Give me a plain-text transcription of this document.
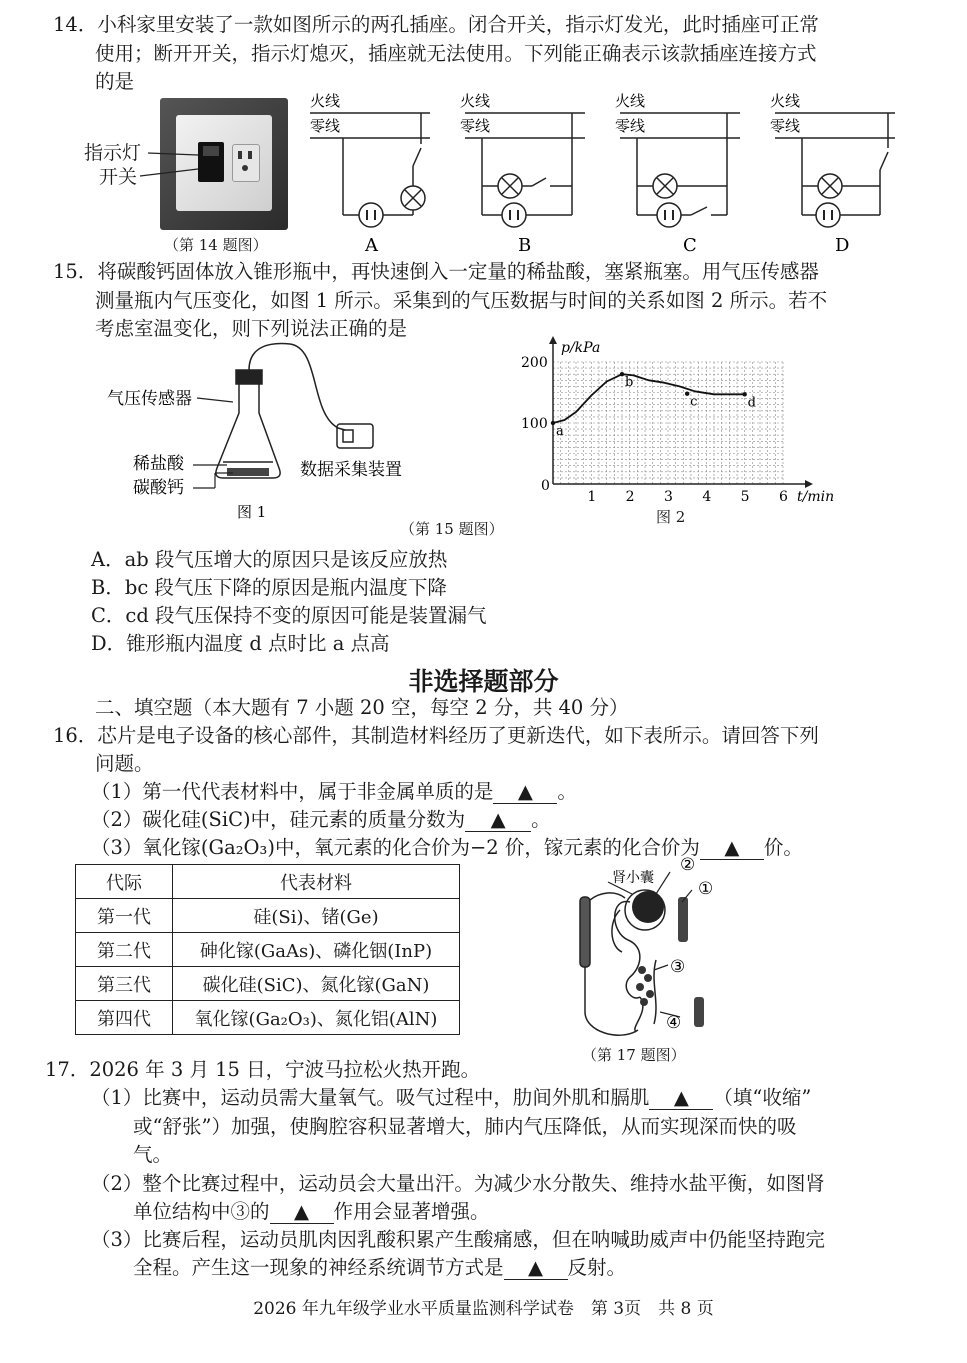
14．小科家里安装了一款如图所示的两孔插座。闭合开关，指示灯发光，此时插座可正常
使用；断开开关，指示灯熄灭，插座就无法使用。下列能正确表示该款插座连接方式
的是
指示灯
开关
（第 14 题图）
火线
零线
火线
零线
火线
零线
火线
零线
A	B	C	D
15．将碳酸钙固体放入锥形瓶中，再快速倒入一定量的稀盐酸，塞紧瓶塞。用气压传感器
测量瓶内气压变化，如图 1 所示。采集到的气压数据与时间的关系如图 2 所示。若不
考虑室温变化，则下列说法正确的是
气压传感器
稀盐酸
碳酸钙
数据采集装置
图 1
（第 15 题图）
1 2 3 4 5 6
0
100
200
p/kPa
t/min
a
b
c	d
图 2
A．ab 段气压增大的原因只是该反应放热
B．bc 段气压下降的原因是瓶内温度下降
C．cd 段气压保持不变的原因可能是装置漏气
D．锥形瓶内温度 d 点时比 a 点高
非选择题部分
二、填空题（本大题有 7 小题 20 空，每空 2 分，共 40 分）
16．芯片是电子设备的核心部件，其制造材料经历了更新迭代，如下表所示。请回答下列
问题。
（1）第一代代表材料中，属于非金属单质的是 ▲ 。
（2）碳化硅(SiC)中，硅元素的质量分数为 ▲ 。
（3）氧化镓(Ga₂O₃)中，氧元素的化合价为−2 价，镓元素的化合价为 ▲ 价。
代际	代表材料
第一代	硅(Si)、锗(Ge)
第二代	砷化镓(GaAs)、磷化铟(InP)
第三代	碳化硅(SiC)、氮化镓(GaN)
第四代	氧化镓(Ga₂O₃)、氮化铝(AlN)
肾小囊
①
②
③
④
（第 17 题图）
17．2026 年 3 月 15 日，宁波马拉松火热开跑。
（1）比赛中，运动员需大量氧气。吸气过程中，肋间外肌和膈肌 ▲ （填“收缩”
或“舒张”）加强，使胸腔容积显著增大，肺内气压降低，从而实现深而快的吸
气。
（2）整个比赛过程中，运动员会大量出汗。为减少水分散失、维持水盐平衡，如图肾
单位结构中③的 ▲ 作用会显著增强。
（3）比赛后程，运动员肌肉因乳酸积累产生酸痛感，但在呐喊助威声中仍能坚持跑完
全程。产生这一现象的神经系统调节方式是 ▲ 反射。
2026 年九年级学业水平质量监测科学试卷　第 3页　共 8 页
